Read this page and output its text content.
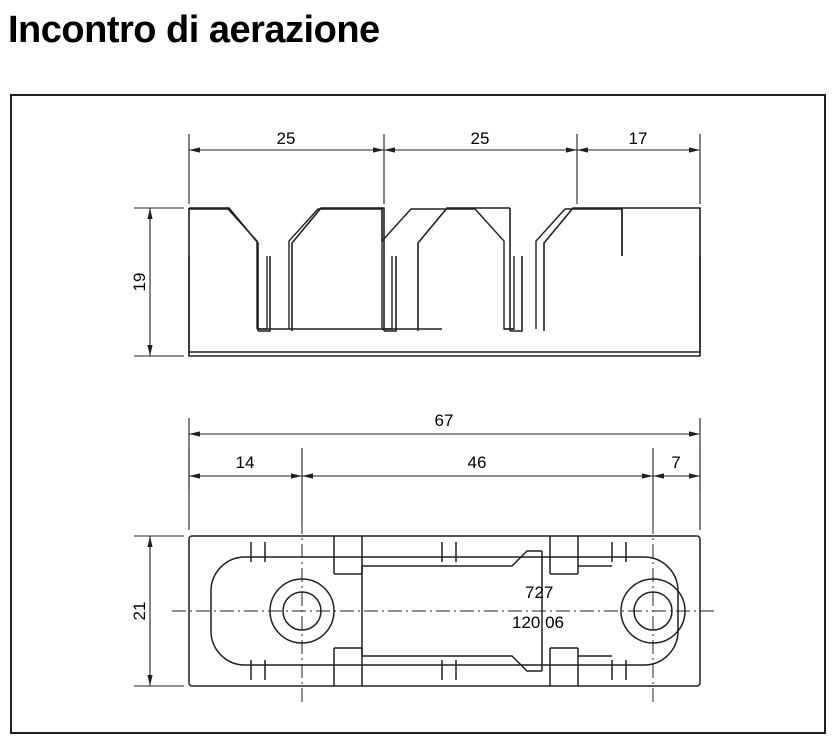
Incontro di aerazione
25	25	17
19
67
14	46	7
21
727
120 06
